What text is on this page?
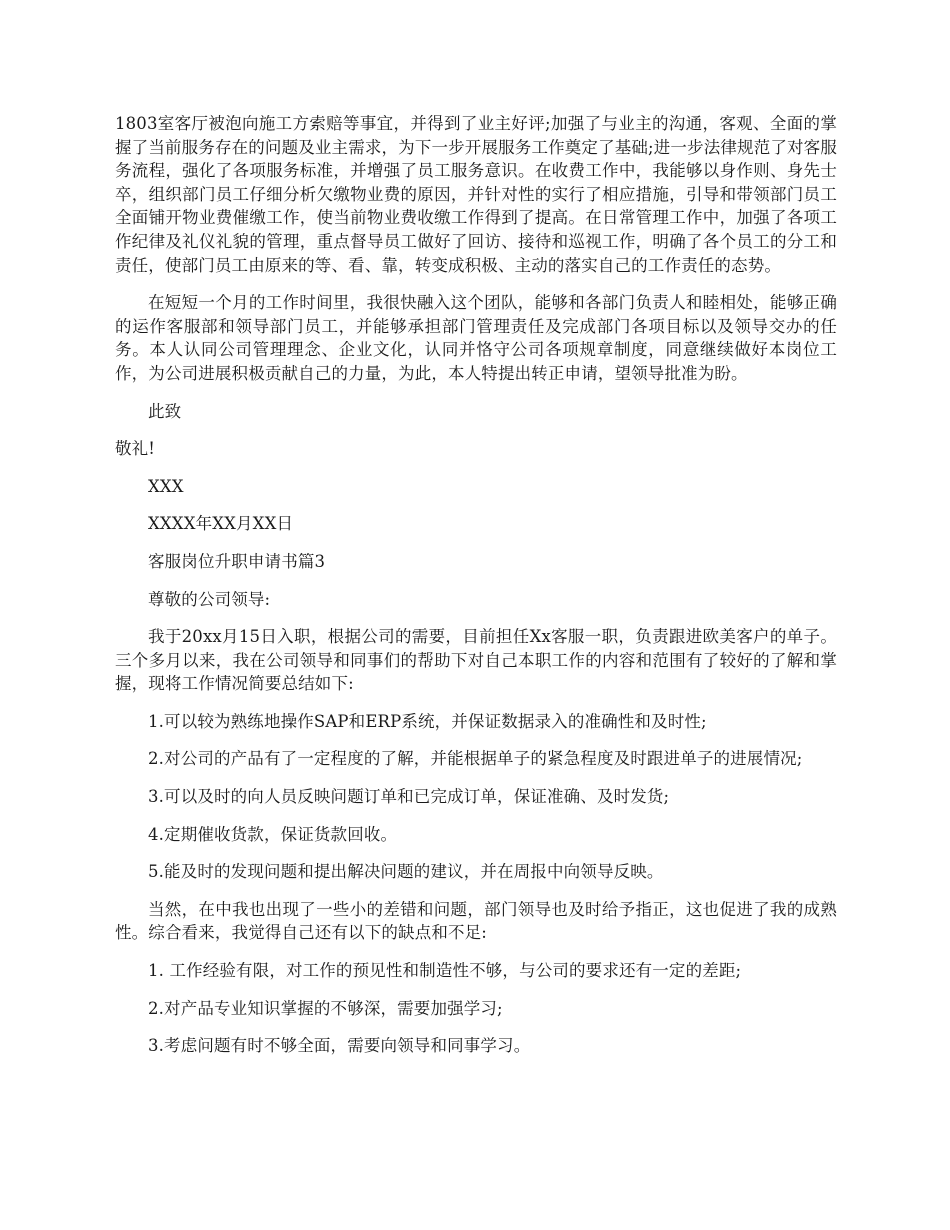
1803室客厅被泡向施工方索赔等事宜，并得到了业主好评;加强了与业主的沟通，客观、全面的掌握了当前服务存在的问题及业主需求，为下一步开展服务工作奠定了基础;进一步法律规范了对客服务流程，强化了各项服务标准，并增强了员工服务意识。在收费工作中，我能够以身作则、身先士卒，组织部门员工仔细分析欠缴物业费的原因，并针对性的实行了相应措施，引导和带领部门员工全面铺开物业费催缴工作，使当前物业费收缴工作得到了提高。在日常管理工作中，加强了各项工作纪律及礼仪礼貌的管理，重点督导员工做好了回访、接待和巡视工作，明确了各个员工的分工和责任，使部门员工由原来的等、看、靠，转变成积极、主动的落实自己的工作责任的态势。

在短短一个月的工作时间里，我很快融入这个团队，能够和各部门负责人和睦相处，能够正确的运作客服部和领导部门员工，并能够承担部门管理责任及完成部门各项目标以及领导交办的任务。本人认同公司管理理念、企业文化，认同并恪守公司各项规章制度，同意继续做好本岗位工作，为公司进展积极贡献自己的力量，为此，本人特提出转正申请，望领导批准为盼。

此致

敬礼!

XXX

XXXX年XX月XX日

客服岗位升职申请书篇3

尊敬的公司领导:

我于20xx月15日入职，根据公司的需要，目前担任Xx客服一职，负责跟进欧美客户的单子。三个多月以来，我在公司领导和同事们的帮助下对自己本职工作的内容和范围有了较好的了解和掌握，现将工作情况简要总结如下:

1.可以较为熟练地操作SAP和ERP系统，并保证数据录入的准确性和及时性;

2.对公司的产品有了一定程度的了解，并能根据单子的紧急程度及时跟进单子的进展情况;

3.可以及时的向人员反映问题订单和已完成订单，保证准确、及时发货;

4.定期催收货款，保证货款回收。

5.能及时的发现问题和提出解决问题的建议，并在周报中向领导反映。

当然，在中我也出现了一些小的差错和问题，部门领导也及时给予指正，这也促进了我的成熟性。综合看来，我觉得自己还有以下的缺点和不足:

1. 工作经验有限，对工作的预见性和制造性不够，与公司的要求还有一定的差距;

2.对产品专业知识掌握的不够深，需要加强学习;

3.考虑问题有时不够全面，需要向领导和同事学习。
